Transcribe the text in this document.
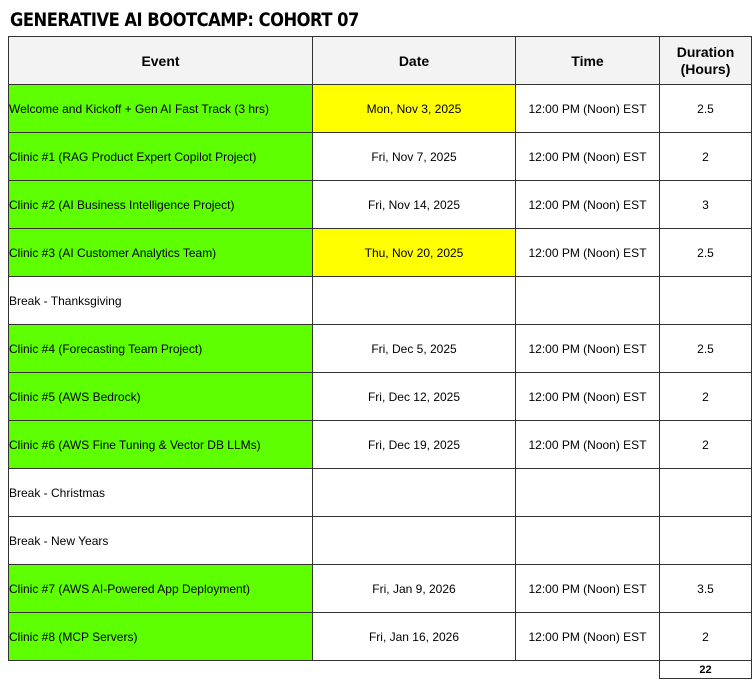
GENERATIVE AI BOOTCAMP: COHORT 07
Event	Date	Time	Duration
(Hours)
Welcome and Kickoff + Gen AI Fast Track (3 hrs)	Mon, Nov 3, 2025	12:00 PM (Noon) EST	2.5
Clinic #1 (RAG Product Expert Copilot Project)	Fri, Nov 7, 2025	12:00 PM (Noon) EST	2
Clinic #2 (AI Business Intelligence Project)	Fri, Nov 14, 2025	12:00 PM (Noon) EST	3
Clinic #3 (AI Customer Analytics Team)	Thu, Nov 20, 2025	12:00 PM (Noon) EST	2.5
Break - Thanksgiving			
Clinic #4 (Forecasting Team Project)	Fri, Dec 5, 2025	12:00 PM (Noon) EST	2.5
Clinic #5 (AWS Bedrock)	Fri, Dec 12, 2025	12:00 PM (Noon) EST	2
Clinic #6 (AWS Fine Tuning & Vector DB LLMs)	Fri, Dec 19, 2025	12:00 PM (Noon) EST	2
Break - Christmas			
Break - New Years			
Clinic #7 (AWS AI-Powered App Deployment)	Fri, Jan 9, 2026	12:00 PM (Noon) EST	3.5
Clinic #8 (MCP Servers)	Fri, Jan 16, 2026	12:00 PM (Noon) EST	2
			22
